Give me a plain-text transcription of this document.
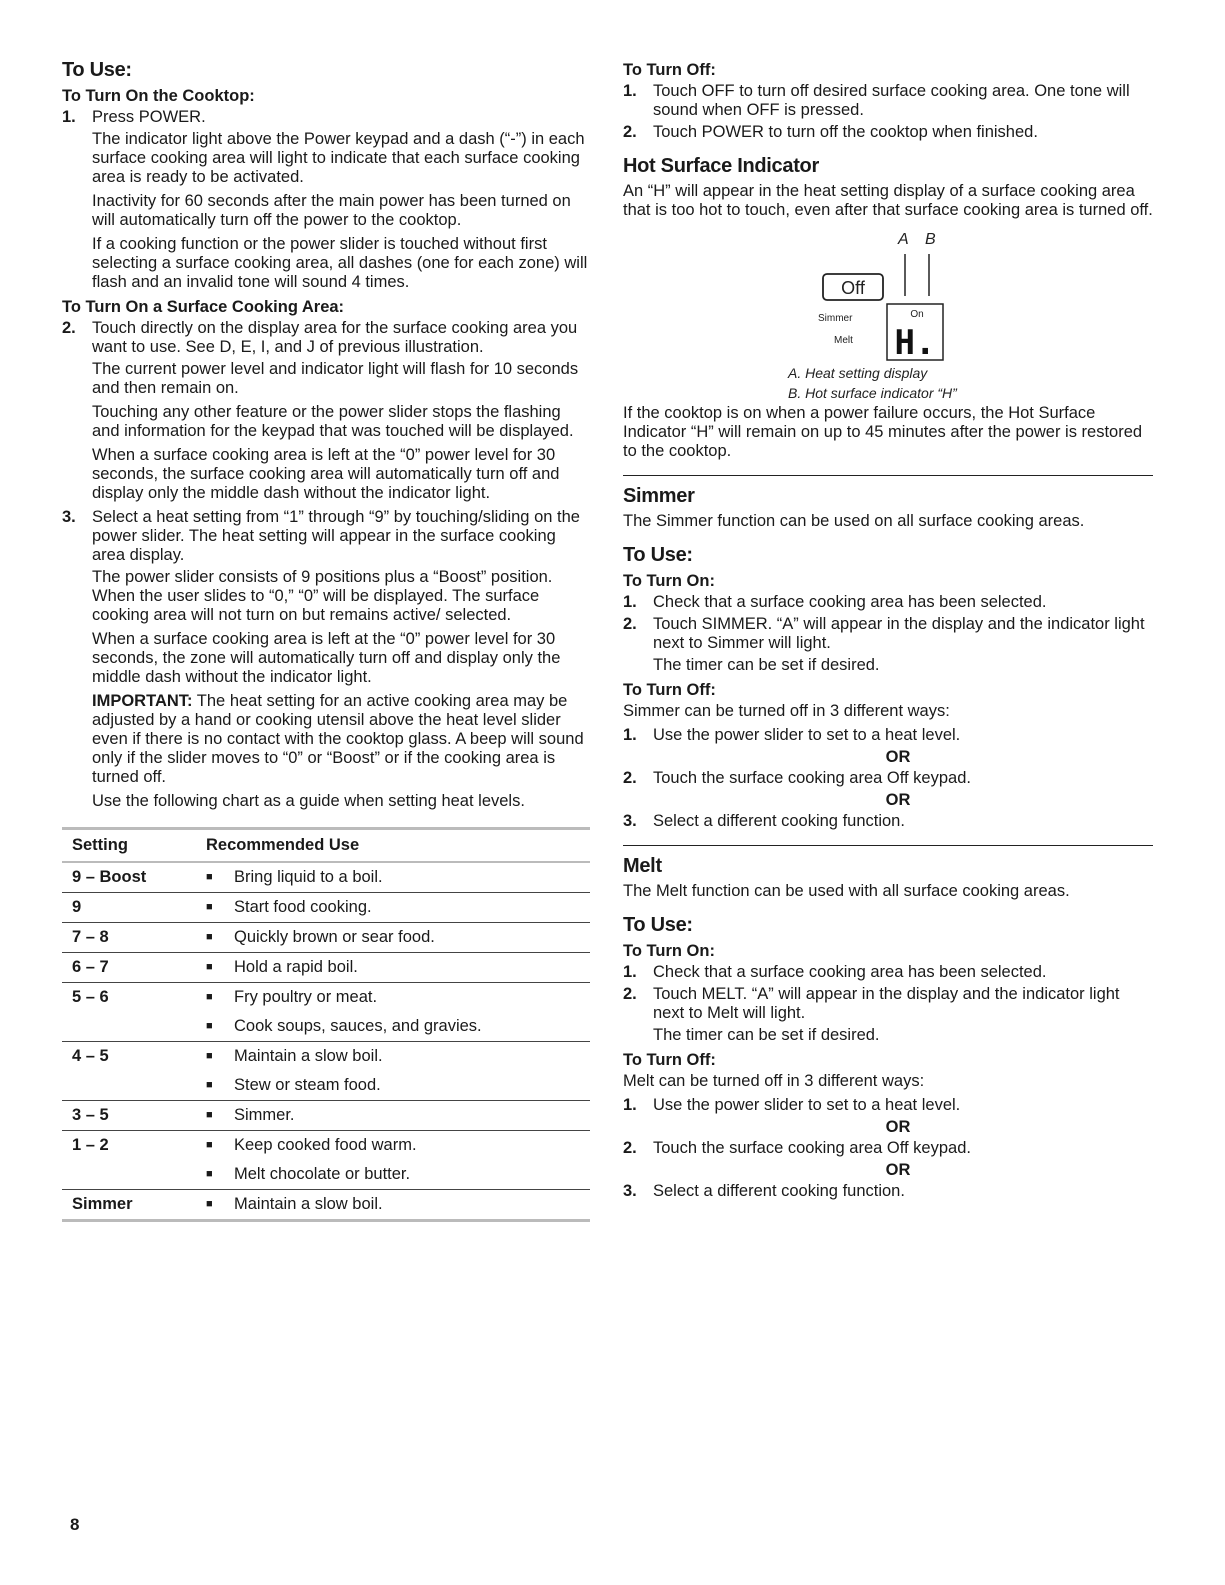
To Use:
To Turn On the Cooktop:
1. Press POWER.
The indicator light above the Power keypad and a dash (“-”) in each surface cooking area will light to indicate that each surface cooking area is ready to be activated.
Inactivity for 60 seconds after the main power has been turned on will automatically turn off the power to the cooktop.
If a cooking function or the power slider is touched without first selecting a surface cooking area, all dashes (one for each zone) will flash and an invalid tone will sound 4 times.
To Turn On a Surface Cooking Area:
2. Touch directly on the display area for the surface cooking area you want to use. See D, E, I, and J of previous illustration.
The current power level and indicator light will flash for 10 seconds and then remain on.
Touching any other feature or the power slider stops the flashing and information for the keypad that was touched will be displayed.
When a surface cooking area is left at the “0” power level for 30 seconds, the surface cooking area will automatically turn off and display only the middle dash without the indicator light.
3. Select a heat setting from “1” through “9” by touching/sliding on the power slider. The heat setting will appear in the surface cooking area display.
The power slider consists of 9 positions plus a “Boost” position. When the user slides to “0,” “0” will be displayed. The surface cooking area will not turn on but remains active/ selected.
When a surface cooking area is left at the “0” power level for 30 seconds, the zone will automatically turn off and display only the middle dash without the indicator light.
IMPORTANT: The heat setting for an active cooking area may be adjusted by a hand or cooking utensil above the heat level slider even if there is no contact with the cooktop glass. A beep will sound only if the slider moves to “0” or “Boost” or if the cooking area is turned off.
Use the following chart as a guide when setting heat levels.
Setting	Recommended Use
9 – Boost	■	Bring liquid to a boil.
9	■	Start food cooking.
7 – 8	■	Quickly brown or sear food.
6 – 7	■	Hold a rapid boil.
5 – 6	■	Fry poultry or meat.
■	Cook soups, sauces, and gravies.
4 – 5	■	Maintain a slow boil.
■	Stew or steam food.
3 – 5	■	Simmer.
1 – 2	■	Keep cooked food warm.
■	Melt chocolate or butter.
Simmer	■	Maintain a slow boil.
To Turn Off:
1. Touch OFF to turn off desired surface cooking area. One tone will sound when OFF is pressed.
2. Touch POWER to turn off the cooktop when finished.
Hot Surface Indicator
An “H” will appear in the heat setting display of a surface cooking area that is too hot to touch, even after that surface cooking area is turned off.
A B
Off
On
H.
Simmer
Melt
A. Heat setting display
B. Hot surface indicator “H”
If the cooktop is on when a power failure occurs, the Hot Surface Indicator “H” will remain on up to 45 minutes after the power is restored to the cooktop.
Simmer
The Simmer function can be used on all surface cooking areas.
To Use:
To Turn On:
1. Check that a surface cooking area has been selected.
2. Touch SIMMER. “A” will appear in the display and the indicator light next to Simmer will light.
The timer can be set if desired.
To Turn Off:
Simmer can be turned off in 3 different ways:
1. Use the power slider to set to a heat level.
OR
2. Touch the surface cooking area Off keypad.
OR
3. Select a different cooking function.
Melt
The Melt function can be used with all surface cooking areas.
To Use:
To Turn On:
1. Check that a surface cooking area has been selected.
2. Touch MELT. “A” will appear in the display and the indicator light next to Melt will light.
The timer can be set if desired.
To Turn Off:
Melt can be turned off in 3 different ways:
1. Use the power slider to set to a heat level.
OR
2. Touch the surface cooking area Off keypad.
OR
3. Select a different cooking function.
8
